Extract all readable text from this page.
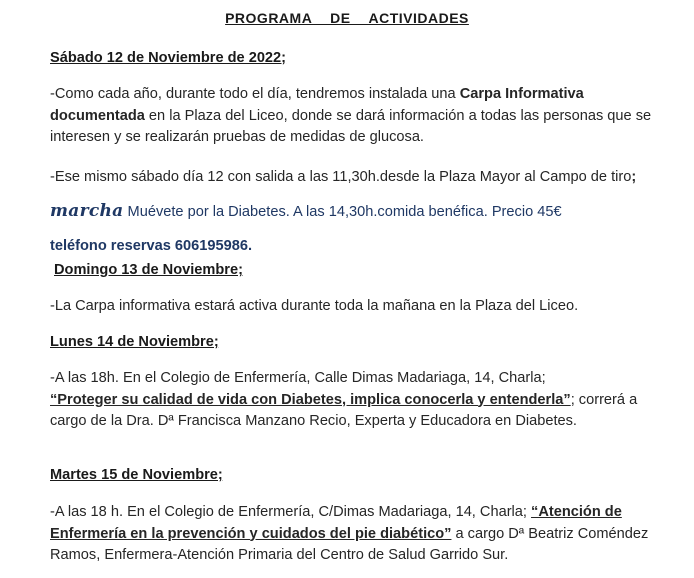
PROGRAMA DE ACTIVIDADES
Sábado 12 de Noviembre de 2022;
-Como cada año, durante todo el día, tendremos instalada una Carpa Informativa documentada en la Plaza del Liceo, donde se dará información a todas las personas que se interesen y se realizarán pruebas de medidas de glucosa.
-Ese mismo sábado día 12 con salida a las 11,30h.desde la Plaza Mayor al Campo de tiro; marcha Muévete por la Diabetes. A las 14,30h.comida benéfica. Precio 45€
teléfono reservas 606195986.
Domingo 13 de Noviembre;
-La Carpa informativa estará activa durante toda la mañana en la Plaza del Liceo.
Lunes 14 de Noviembre;
-A las 18h. En el Colegio de Enfermería, Calle Dimas Madariaga, 14, Charla;
“Proteger su calidad de vida con Diabetes, implica conocerla y entenderla”; correrá a cargo de la Dra. Dª Francisca Manzano Recio, Experta y Educadora en Diabetes.
Martes 15 de Noviembre;
-A las 18 h. En el Colegio de Enfermería, C/Dimas Madariaga, 14, Charla; “Atención de Enfermería en la prevención y cuidados del pie diabético” a cargo Dª Beatriz Coméndez Ramos, Enfermera-Atención Primaria del Centro de Salud Garrido Sur.
